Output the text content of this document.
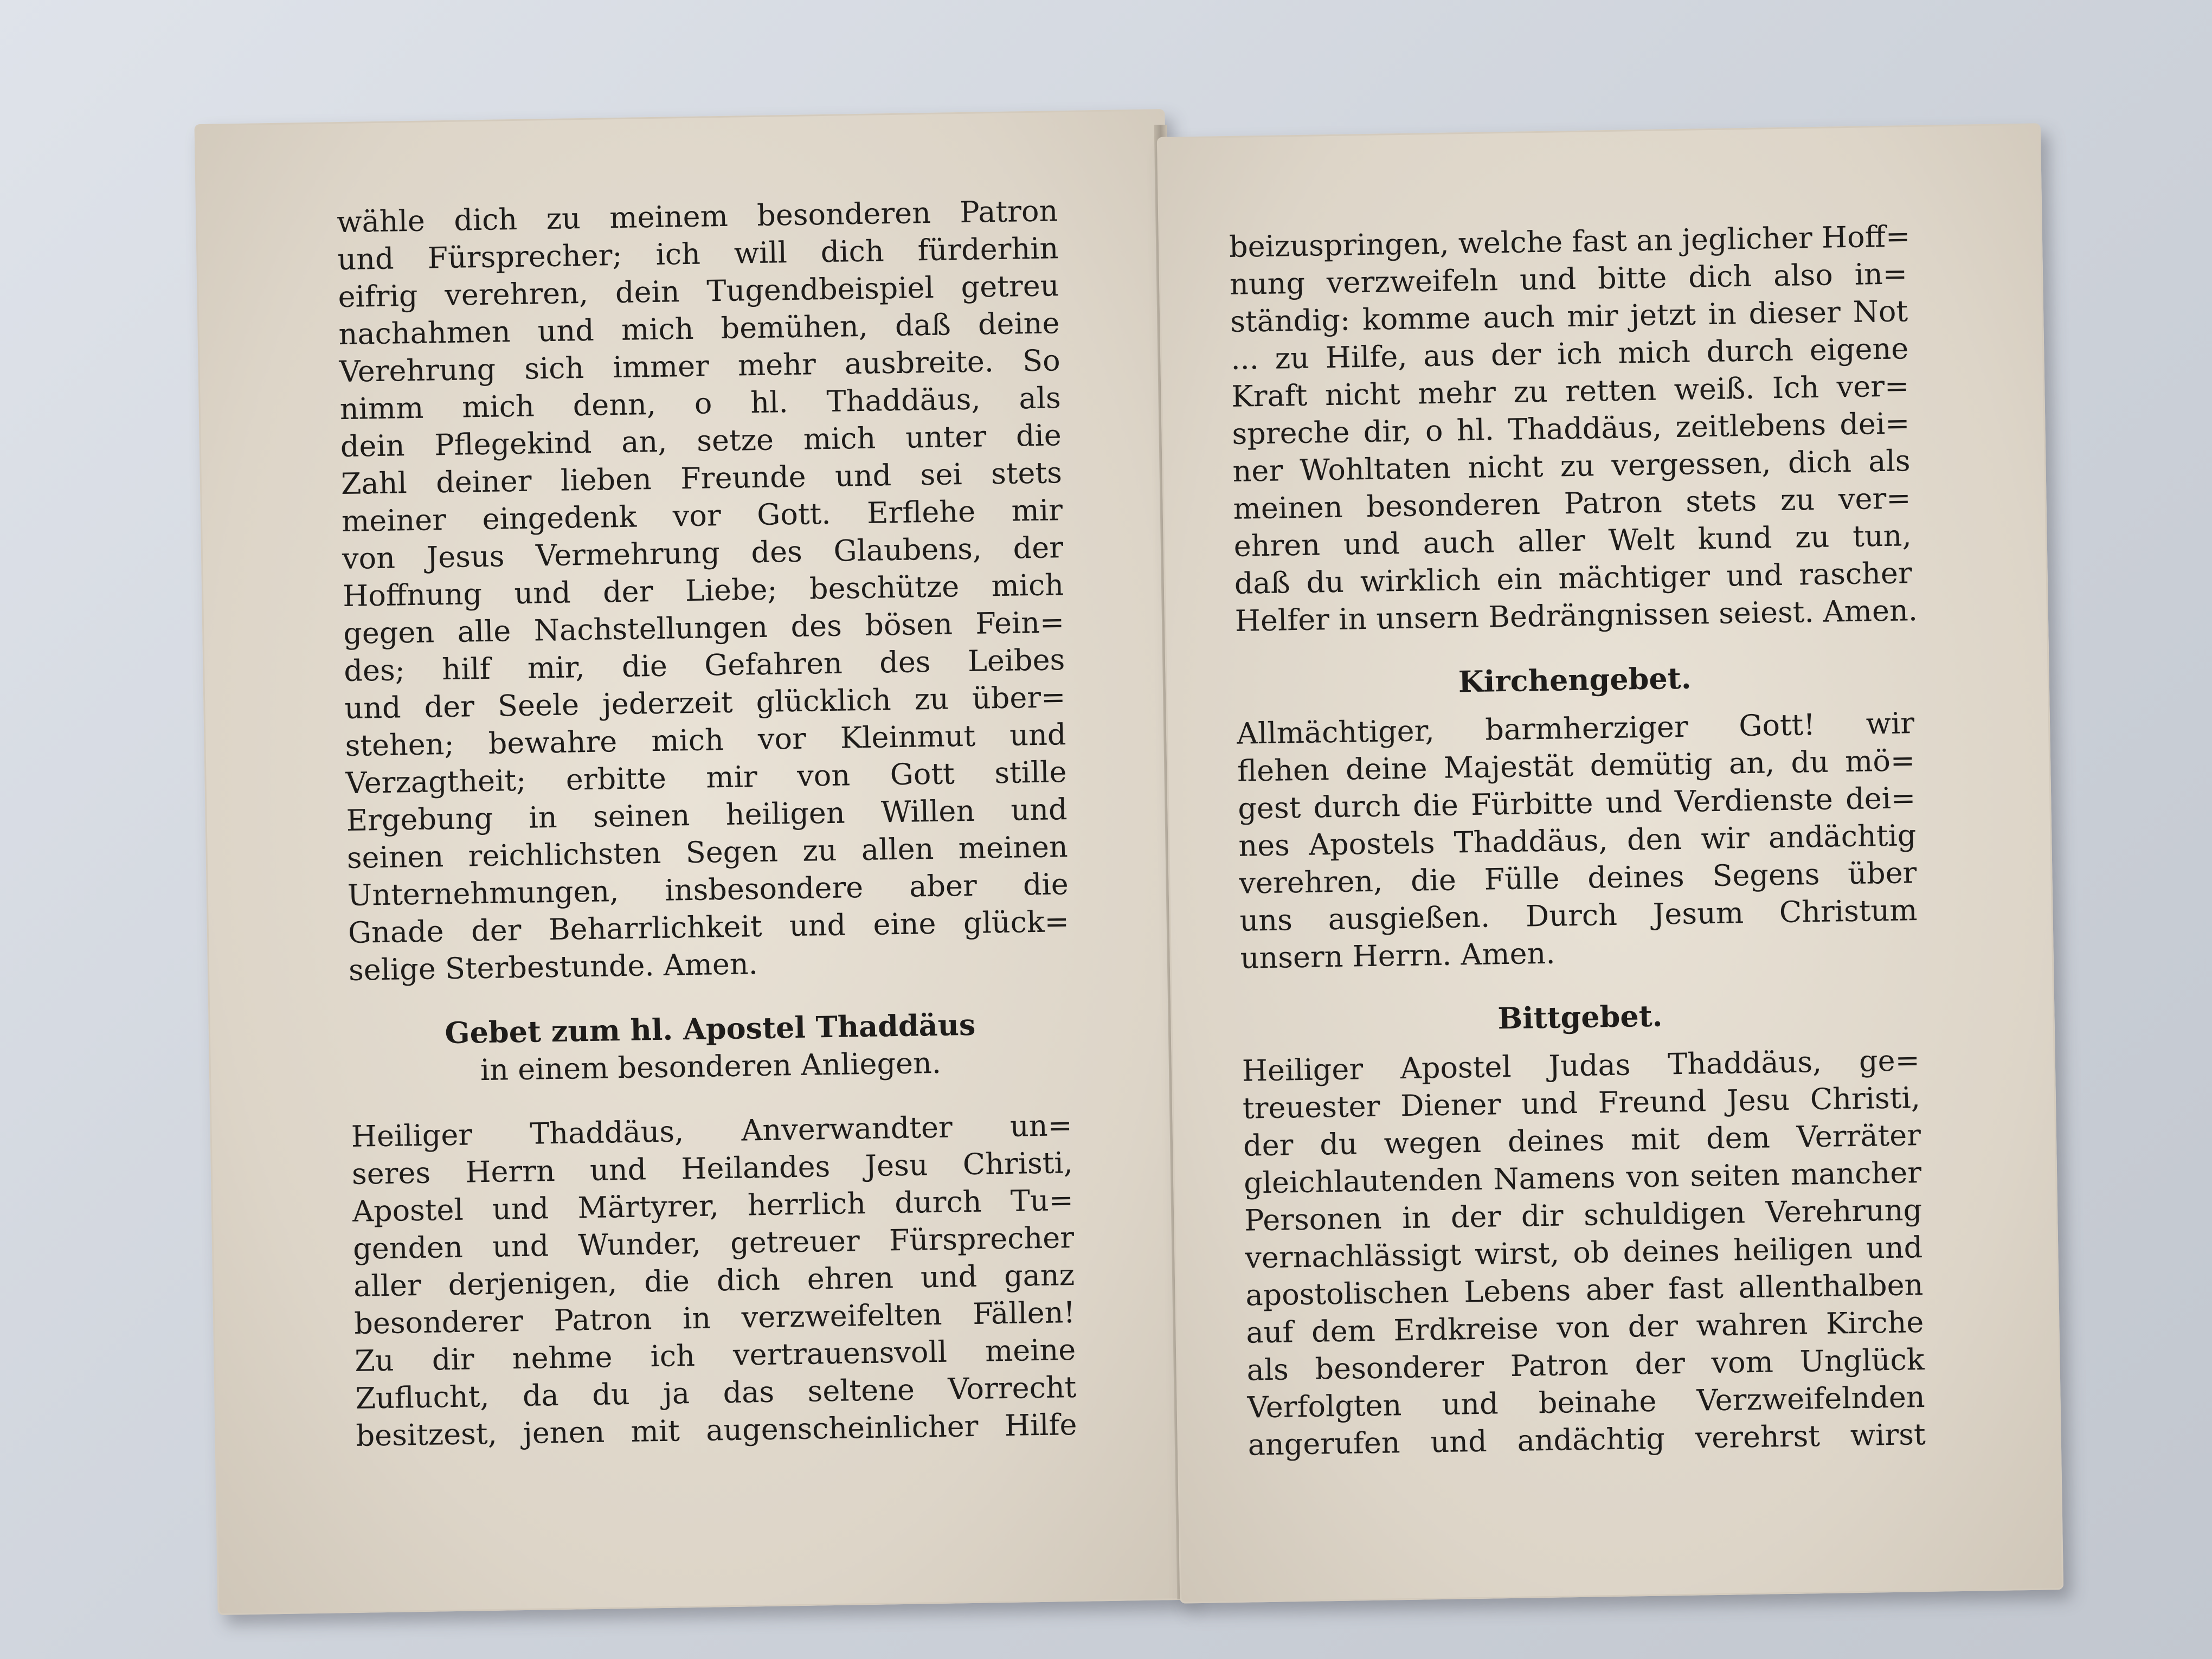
wähle dich zu meinem besonderen Patron
und Fürsprecher; ich will dich fürderhin
eifrig verehren, dein Tugendbeispiel getreu
nachahmen und mich bemühen, daß deine
Verehrung sich immer mehr ausbreite. So
nimm mich denn, o hl. Thaddäus, als
dein Pflegekind an, setze mich unter die
Zahl deiner lieben Freunde und sei stets
meiner eingedenk vor Gott. Erflehe mir
von Jesus Vermehrung des Glaubens, der
Hoffnung und der Liebe; beschütze mich
gegen alle Nachstellungen des bösen Fein=
des; hilf mir, die Gefahren des Leibes
und der Seele jederzeit glücklich zu über=
stehen; bewahre mich vor Kleinmut und
Verzagtheit; erbitte mir von Gott stille
Ergebung in seinen heiligen Willen und
seinen reichlichsten Segen zu allen meinen
Unternehmungen, insbesondere aber die
Gnade der Beharrlichkeit und eine glück=
selige Sterbestunde. Amen.
Gebet zum hl. Apostel Thaddäus
in einem besonderen Anliegen.
Heiliger Thaddäus, Anverwandter un=
seres Herrn und Heilandes Jesu Christi,
Apostel und Märtyrer, herrlich durch Tu=
genden und Wunder, getreuer Fürsprecher
aller derjenigen, die dich ehren und ganz
besonderer Patron in verzweifelten Fällen!
Zu dir nehme ich vertrauensvoll meine
Zuflucht, da du ja das seltene Vorrecht
besitzest, jenen mit augenscheinlicher Hilfe
beizuspringen, welche fast an jeglicher Hoff=
nung verzweifeln und bitte dich also in=
ständig: komme auch mir jetzt in dieser Not
... zu Hilfe, aus der ich mich durch eigene
Kraft nicht mehr zu retten weiß. Ich ver=
spreche dir, o hl. Thaddäus, zeitlebens dei=
ner Wohltaten nicht zu vergessen, dich als
meinen besonderen Patron stets zu ver=
ehren und auch aller Welt kund zu tun,
daß du wirklich ein mächtiger und rascher
Helfer in unsern Bedrängnissen seiest. Amen.
Kirchengebet.
Allmächtiger, barmherziger Gott! wir
flehen deine Majestät demütig an, du mö=
gest durch die Fürbitte und Verdienste dei=
nes Apostels Thaddäus, den wir andächtig
verehren, die Fülle deines Segens über
uns ausgießen. Durch Jesum Christum
unsern Herrn. Amen.
Bittgebet.
Heiliger Apostel Judas Thaddäus, ge=
treuester Diener und Freund Jesu Christi,
der du wegen deines mit dem Verräter
gleichlautenden Namens von seiten mancher
Personen in der dir schuldigen Verehrung
vernachlässigt wirst, ob deines heiligen und
apostolischen Lebens aber fast allenthalben
auf dem Erdkreise von der wahren Kirche
als besonderer Patron der vom Unglück
Verfolgten und beinahe Verzweifelnden
angerufen und andächtig verehrst wirst
